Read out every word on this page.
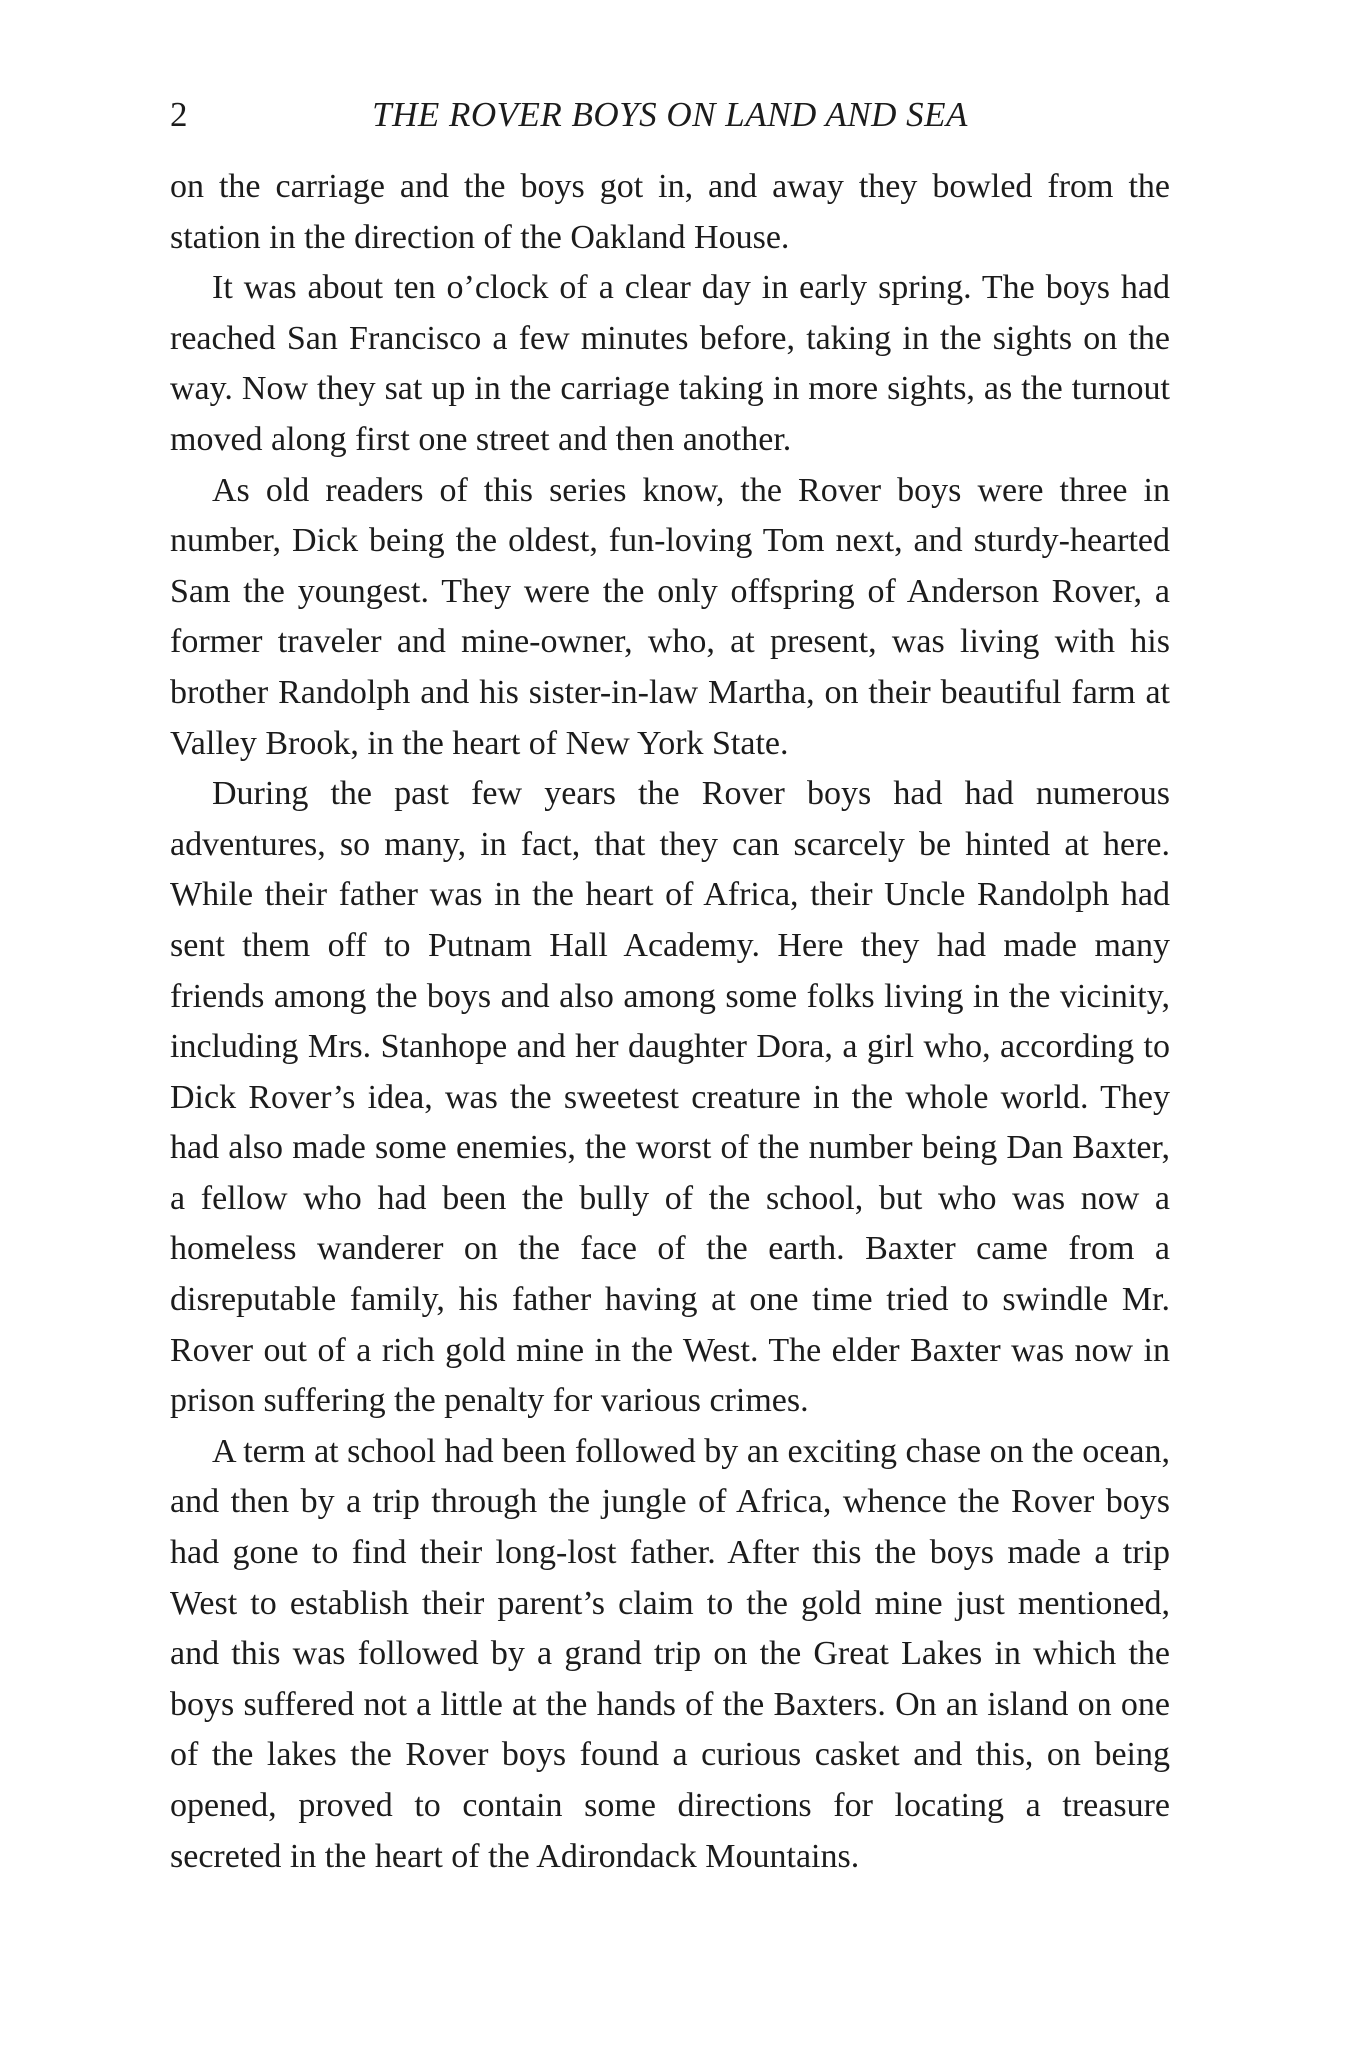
2	THE ROVER BOYS ON LAND AND SEA

on the carriage and the boys got in, and away they bowled from the station in the direction of the Oakland House.

It was about ten o’clock of a clear day in early spring. The boys had reached San Francisco a few minutes before, taking in the sights on the way. Now they sat up in the carriage taking in more sights, as the turnout moved along first one street and then another.

As old readers of this series know, the Rover boys were three in number, Dick being the oldest, fun-loving Tom next, and sturdy-hearted Sam the youngest. They were the only offspring of Anderson Rover, a former traveler and mine-owner, who, at present, was living with his brother Randolph and his sister-in-law Martha, on their beautiful farm at Valley Brook, in the heart of New York State.

During the past few years the Rover boys had had numerous adventures, so many, in fact, that they can scarcely be hinted at here. While their father was in the heart of Africa, their Uncle Randolph had sent them off to Putnam Hall Academy. Here they had made many friends among the boys and also among some folks living in the vicinity, including Mrs. Stanhope and her daughter Dora, a girl who, according to Dick Rover’s idea, was the sweetest creature in the whole world. They had also made some enemies, the worst of the number being Dan Baxter, a fellow who had been the bully of the school, but who was now a homeless wanderer on the face of the earth. Baxter came from a disreputable family, his father having at one time tried to swindle Mr. Rover out of a rich gold mine in the West. The elder Baxter was now in prison suffering the penalty for various crimes.

A term at school had been followed by an exciting chase on the ocean, and then by a trip through the jungle of Africa, whence the Rover boys had gone to find their long-lost father. After this the boys made a trip West to establish their parent’s claim to the gold mine just mentioned, and this was followed by a grand trip on the Great Lakes in which the boys suffered not a little at the hands of the Baxters. On an island on one of the lakes the Rover boys found a curious casket and this, on being opened, proved to contain some directions for locating a treasure secreted in the heart of the Adirondack Mountains.
